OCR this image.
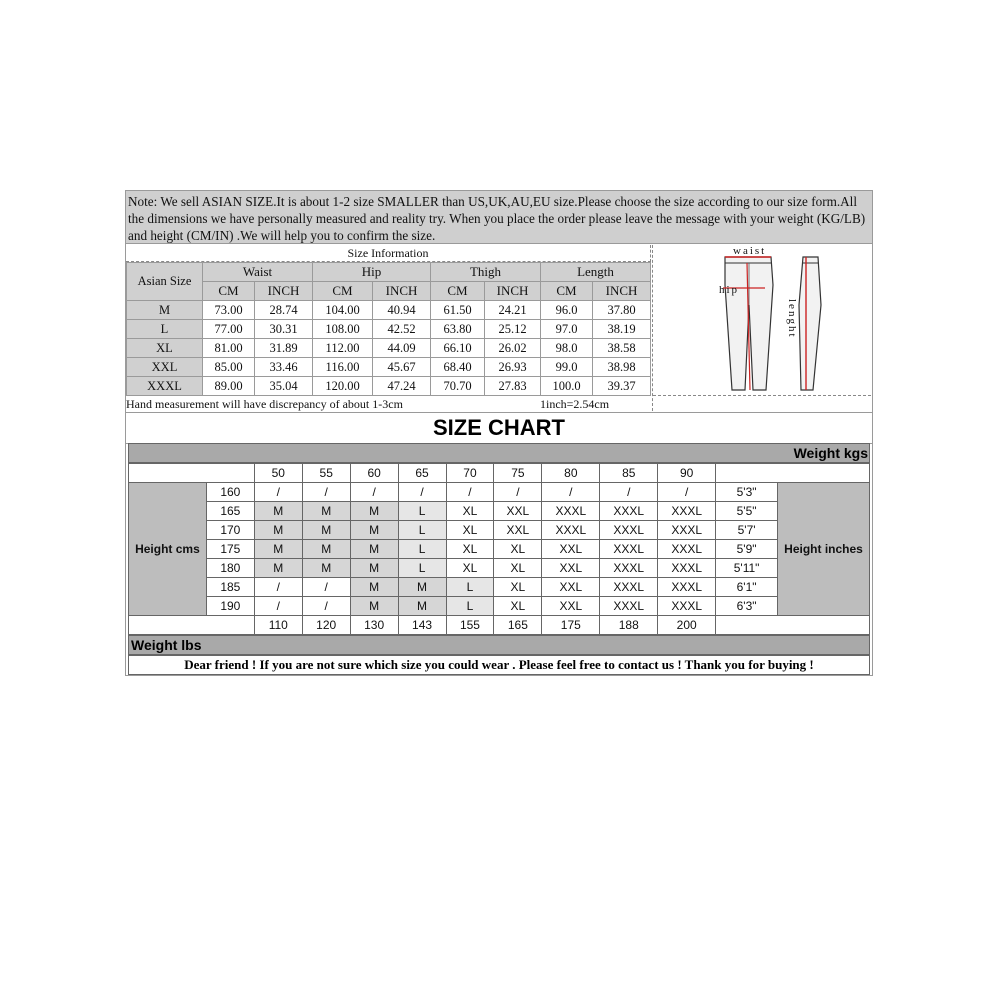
Note: We sell ASIAN SIZE.It is about 1-2 size SMALLER than US,UK,AU,EU size.Please choose the size according to our size form.All the dimensions we have personally measured and reality try. When you place the order please leave the message with your weight (KG/LB) and height (CM/IN) .We will help you to confirm the size.
Size Information
Asian Size	Waist		Hip		Thigh		Length	
	CM	INCH	CM	INCH	CM	INCH	CM	INCH
M	73.00	28.74	104.00	40.94	61.50	24.21	96.0	37.80
L	77.00	30.31	108.00	42.52	63.80	25.12	97.0	38.19
XL	81.00	31.89	112.00	44.09	66.10	26.02	98.0	38.58
XXL	85.00	33.46	116.00	45.67	68.40	26.93	99.0	38.98
XXXL	89.00	35.04	120.00	47.24	70.70	27.83	100.0	39.37
Hand measurement will have discrepancy of about 1-3cm	1inch=2.54cm
waist
hip
lenght
SIZE CHART
Weight kgs
		50	55	60	65	70	75	80	85	90		
Height cms	160	/	/	/	/	/	/	/	/	/	5'3"	Height inches
	165	M	M	M	L	XL	XXL	XXXL	XXXL	XXXL	5'5"	
	170	M	M	M	L	XL	XXL	XXXL	XXXL	XXXL	5'7'	
	175	M	M	M	L	XL	XL	XXL	XXXL	XXXL	5'9"	
	180	M	M	M	L	XL	XL	XXL	XXXL	XXXL	5'11"	
	185	/	/	M	M	L	XL	XXL	XXXL	XXXL	6'1"	
	190	/	/	M	M	L	XL	XXL	XXXL	XXXL	6'3"	
		110	120	130	143	155	165	175	188	200		
Weight lbs
Dear friend ! If you are not sure which size you could wear . Please feel free to contact us ! Thank you for buying !
